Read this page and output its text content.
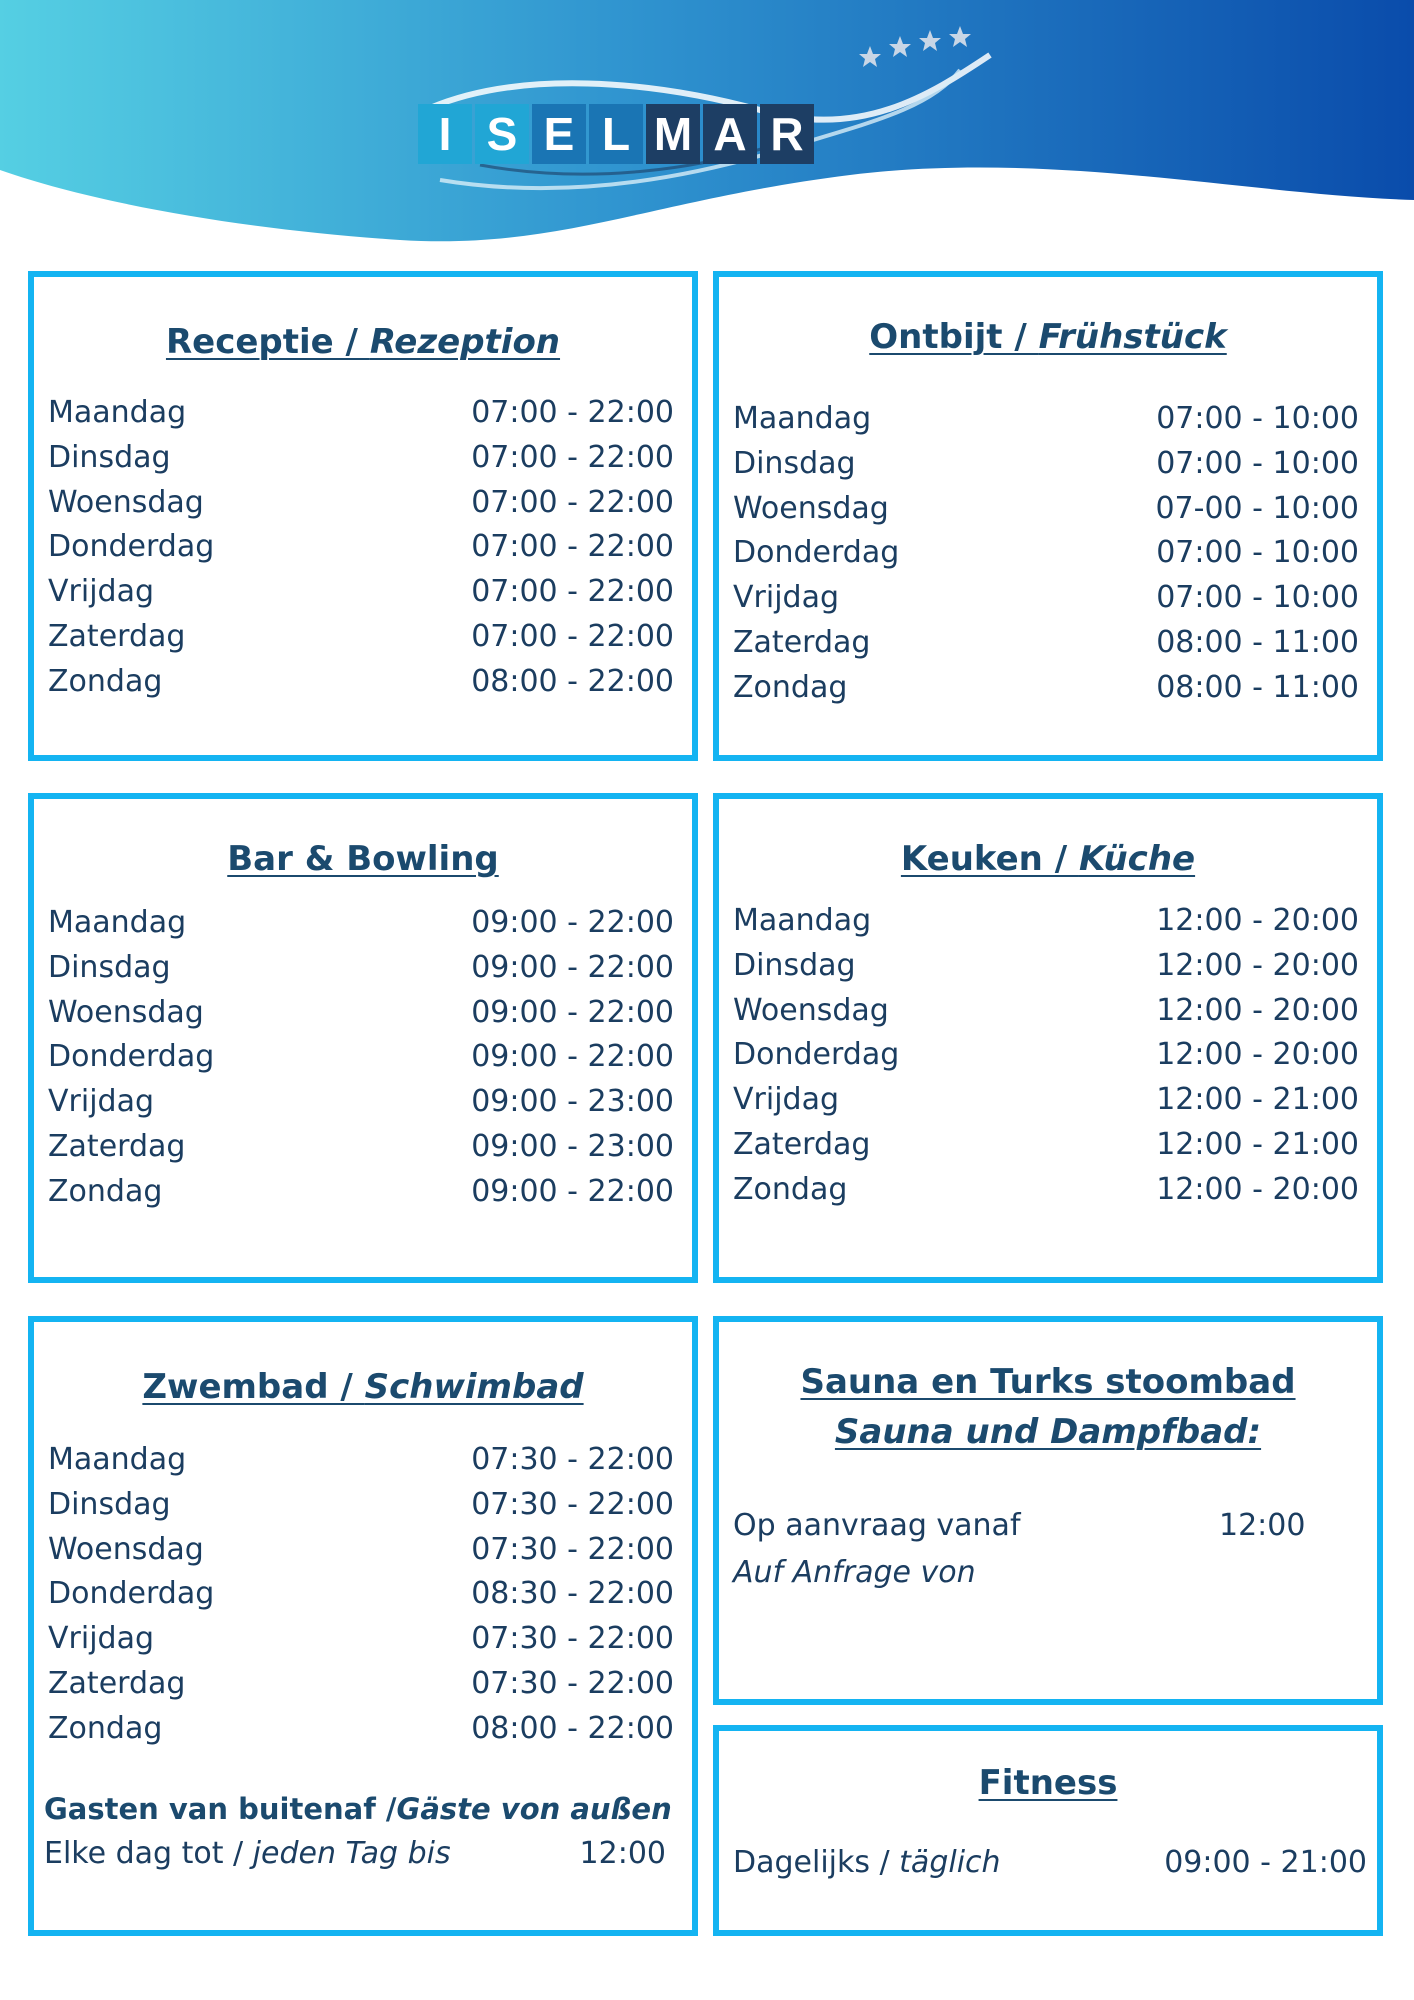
I S E L M A R
Receptie / Rezeption
Maandag	07:00 - 22:00
Dinsdag	07:00 - 22:00
Woensdag	07:00 - 22:00
Donderdag	07:00 - 22:00
Vrijdag	07:00 - 22:00
Zaterdag	07:00 - 22:00
Zondag	08:00 - 22:00
Ontbijt / Frühstück
Maandag	07:00 - 10:00
Dinsdag	07:00 - 10:00
Woensdag	07-00 - 10:00
Donderdag	07:00 - 10:00
Vrijdag	07:00 - 10:00
Zaterdag	08:00 - 11:00
Zondag	08:00 - 11:00
Bar & Bowling
Maandag	09:00 - 22:00
Dinsdag	09:00 - 22:00
Woensdag	09:00 - 22:00
Donderdag	09:00 - 22:00
Vrijdag	09:00 - 23:00
Zaterdag	09:00 - 23:00
Zondag	09:00 - 22:00
Keuken / Küche
Maandag	12:00 - 20:00
Dinsdag	12:00 - 20:00
Woensdag	12:00 - 20:00
Donderdag	12:00 - 20:00
Vrijdag	12:00 - 21:00
Zaterdag	12:00 - 21:00
Zondag	12:00 - 20:00
Zwembad / Schwimbad
Maandag	07:30 - 22:00
Dinsdag	07:30 - 22:00
Woensdag	07:30 - 22:00
Donderdag	08:30 - 22:00
Vrijdag	07:30 - 22:00
Zaterdag	07:30 - 22:00
Zondag	08:00 - 22:00
Gasten van buitenaf /Gäste von außen
Elke dag tot / jeden Tag bis	12:00
Sauna en Turks stoombad
Sauna und Dampfbad:
Op aanvraag vanaf	12:00
Auf Anfrage von
Fitness
Dagelijks / täglich	09:00 - 21:00
